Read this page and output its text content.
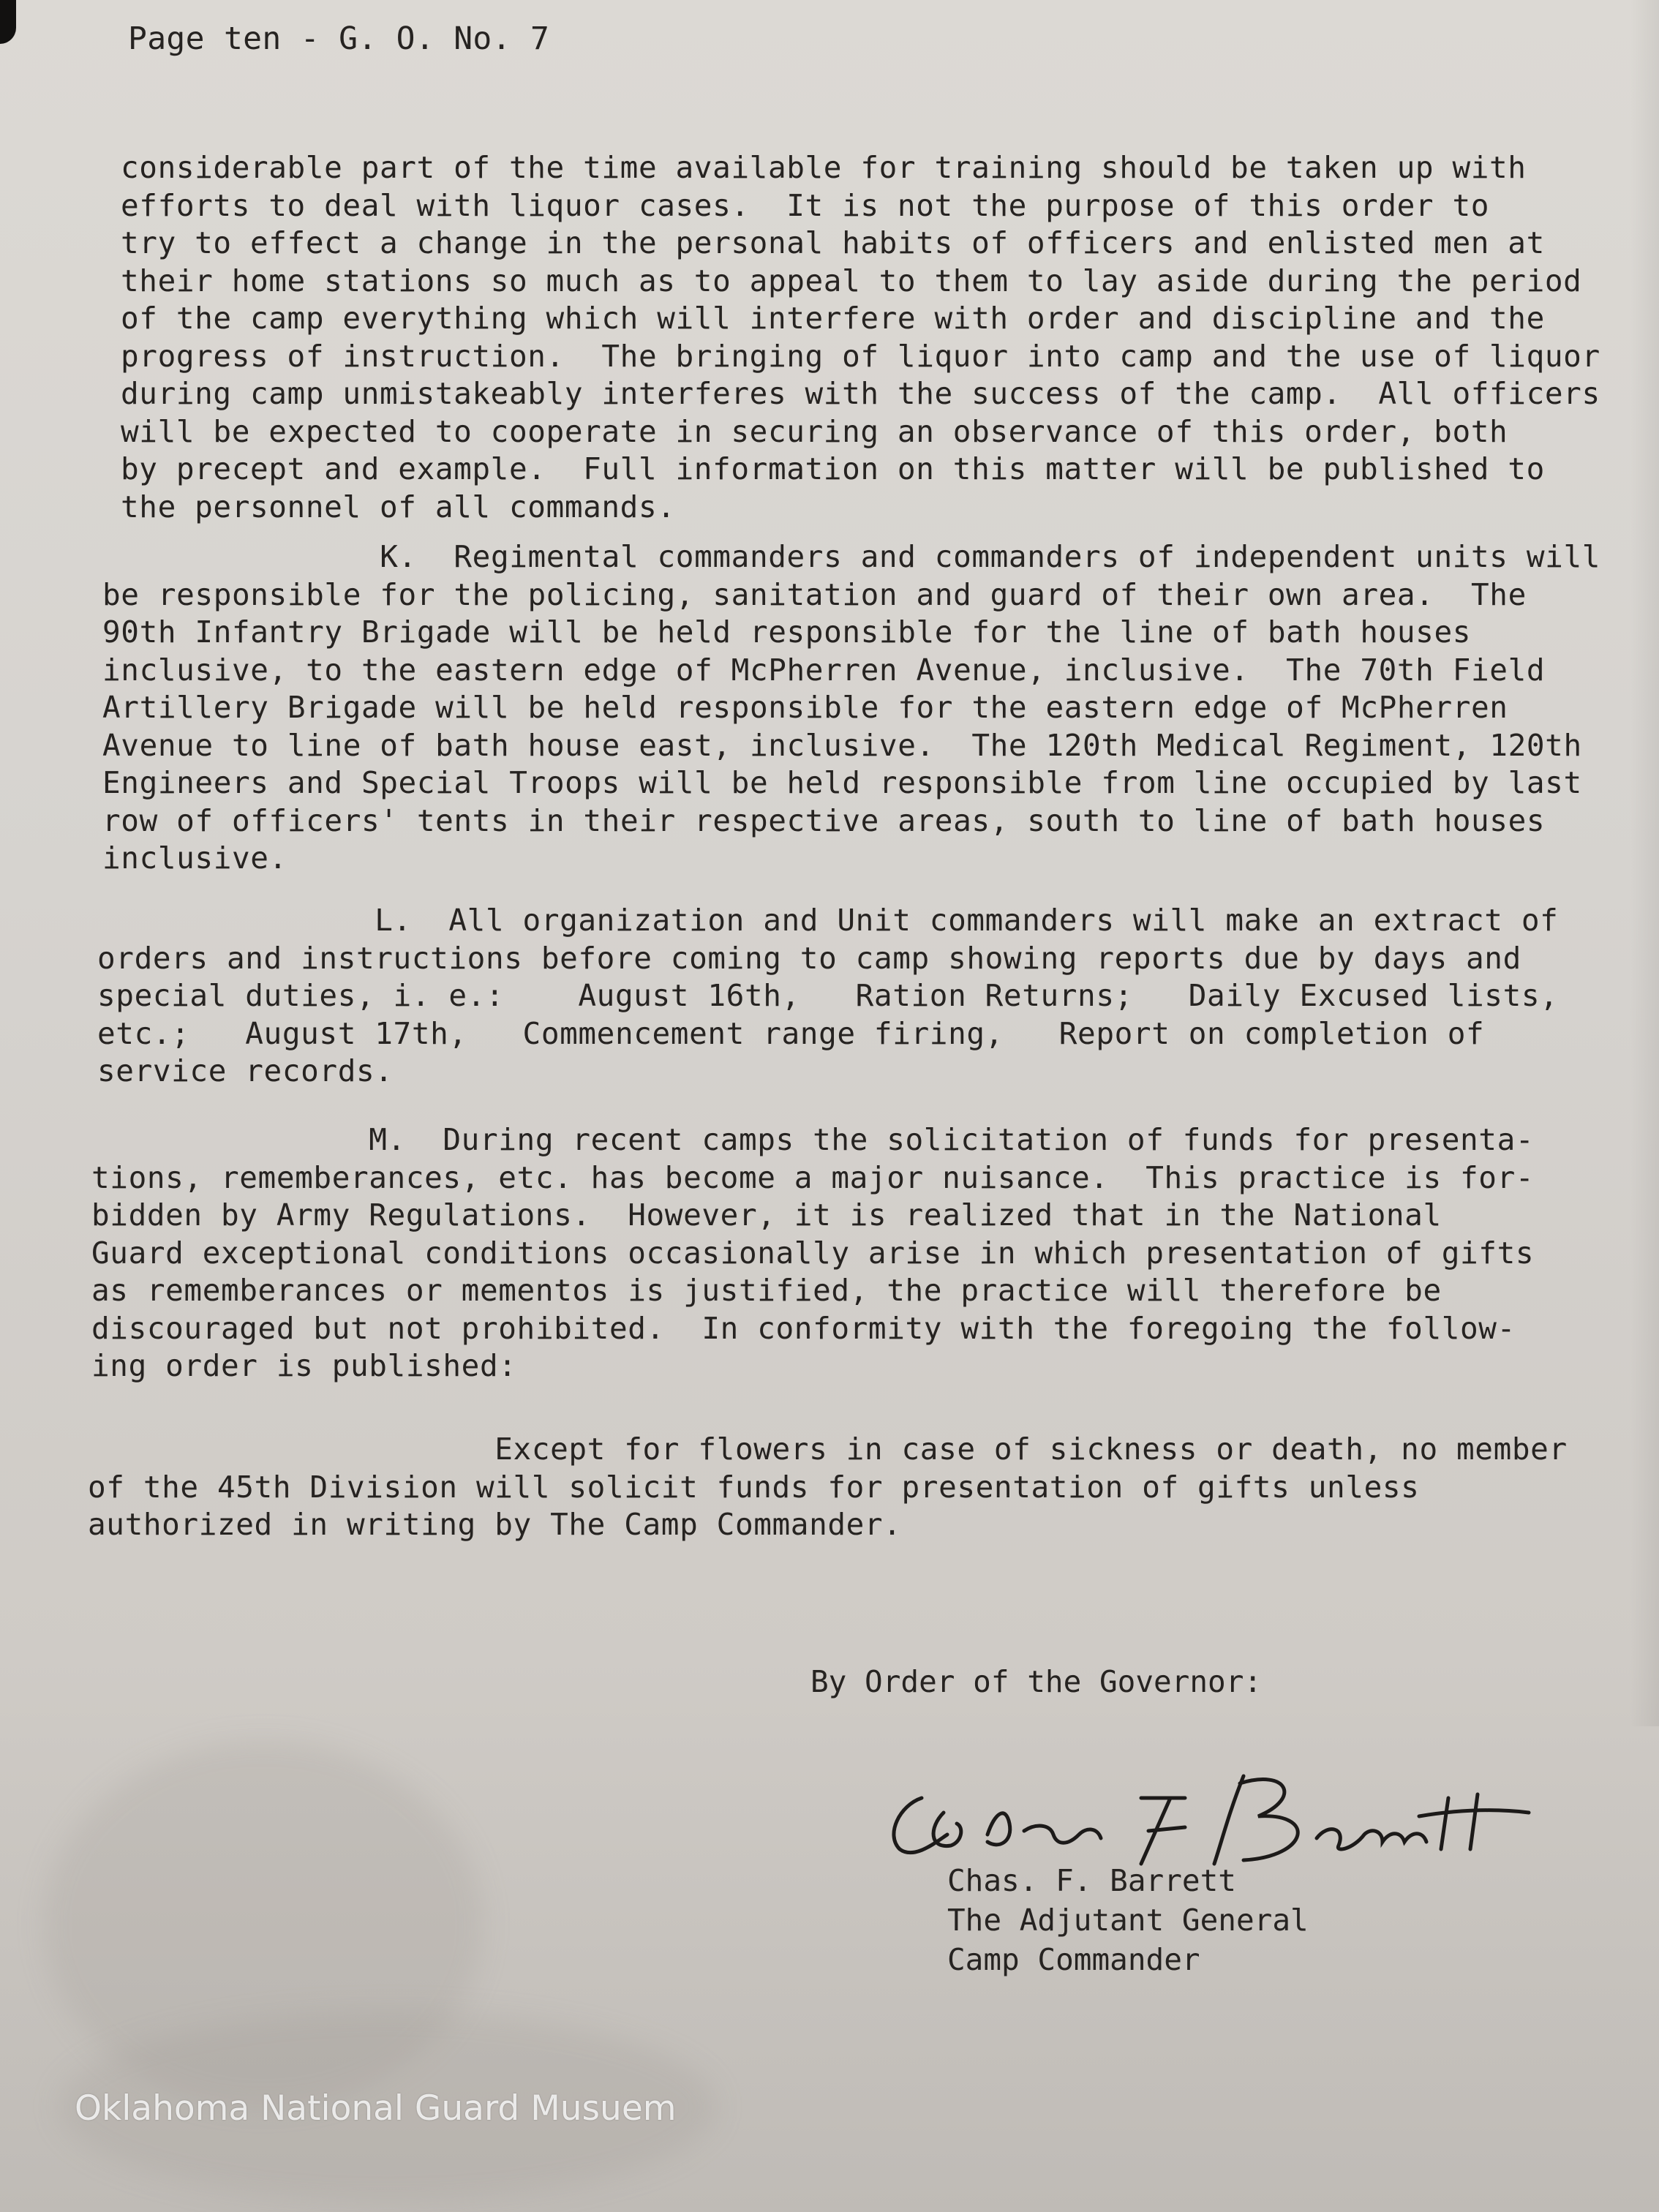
Page ten - G. O. No. 7
considerable part of the time available for training should be taken up with
efforts to deal with liquor cases.  It is not the purpose of this order to
try to effect a change in the personal habits of officers and enlisted men at
their home stations so much as to appeal to them to lay aside during the period
of the camp everything which will interfere with order and discipline and the
progress of instruction.  The bringing of liquor into camp and the use of liquor
during camp unmistakeably interferes with the success of the camp.  All officers
will be expected to cooperate in securing an observance of this order, both
by precept and example.  Full information on this matter will be published to
the personnel of all commands.
K.  Regimental commanders and commanders of independent units will
be responsible for the policing, sanitation and guard of their own area.  The
90th Infantry Brigade will be held responsible for the line of bath houses
inclusive, to the eastern edge of McPherren Avenue, inclusive.  The 70th Field
Artillery Brigade will be held responsible for the eastern edge of McPherren
Avenue to line of bath house east, inclusive.  The 120th Medical Regiment, 120th
Engineers and Special Troops will be held responsible from line occupied by last
row of officers' tents in their respective areas, south to line of bath houses
inclusive.
L.  All organization and Unit commanders will make an extract of
orders and instructions before coming to camp showing reports due by days and
special duties, i. e.:    August 16th,   Ration Returns;   Daily Excused lists,
etc.;   August 17th,   Commencement range firing,   Report on completion of
service records.
M.  During recent camps the solicitation of funds for presenta-
tions, rememberances, etc. has become a major nuisance.  This practice is for-
bidden by Army Regulations.  However, it is realized that in the National
Guard exceptional conditions occasionally arise in which presentation of gifts
as rememberances or mementos is justified, the practice will therefore be
discouraged but not prohibited.  In conformity with the foregoing the follow-
ing order is published:
Except for flowers in case of sickness or death, no member
of the 45th Division will solicit funds for presentation of gifts unless
authorized in writing by The Camp Commander.
By Order of the Governor:
Chas. F. Barrett
The Adjutant General
Camp Commander
Oklahoma National Guard Musuem
